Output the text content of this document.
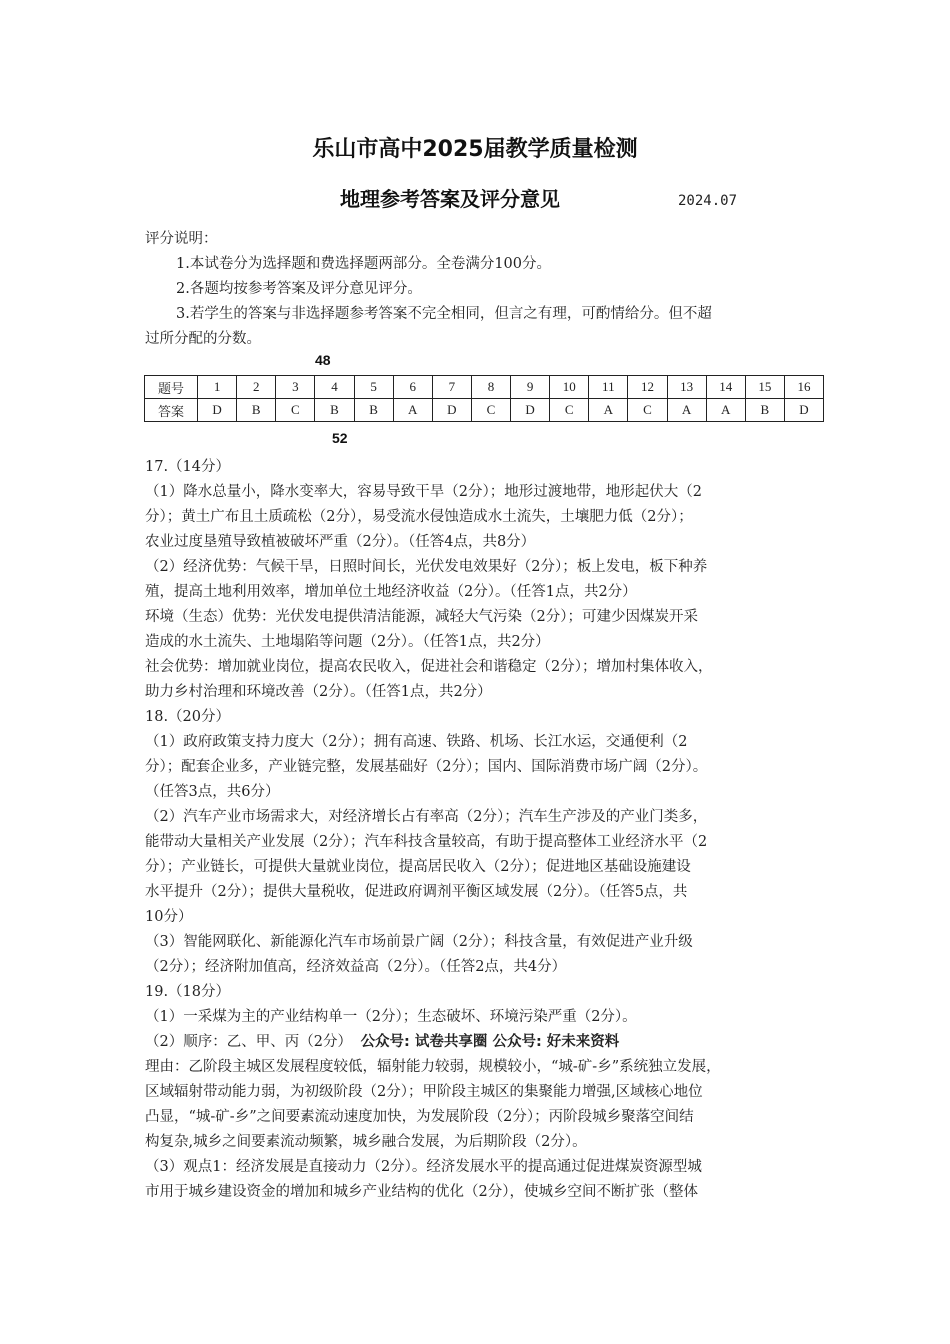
乐山市高中2025届教学质量检测
地理参考答案及评分意见	2024.07
评分说明：
1.本试卷分为选择题和费选择题两部分。全卷满分100分。
2.各题均按参考答案及评分意见评分。
3.若学生的答案与非选择题参考答案不完全相同，但言之有理，可酌情给分。但不超
过所分配的分数。
48
题号	1	2	3	4	5	6	7	8	9	10	11	12	13	14	15	16
答案	D	B	C	B	B	A	D	C	D	C	A	C	A	A	B	D
52
17.（14分）
（1）降水总量小，降水变率大，容易导致干旱（2分）；地形过渡地带，地形起伏大（2
分）；黄土广布且土质疏松（2分），易受流水侵蚀造成水土流失，土壤肥力低（2分）；
农业过度垦殖导致植被破坏严重（2分）。（任答4点，共8分）
（2）经济优势：气候干旱，日照时间长，光伏发电效果好（2分）；板上发电，板下种养
殖，提高土地利用效率，增加单位土地经济收益（2分）。（任答1点，共2分）
环境（生态）优势：光伏发电提供清洁能源，减轻大气污染（2分）；可建少因煤炭开采
造成的水土流失、土地塌陷等问题（2分）。（任答1点，共2分）
社会优势：增加就业岗位，提高农民收入，促进社会和谐稳定（2分）；增加村集体收入，
助力乡村治理和环境改善（2分）。（任答1点，共2分）
18.（20分）
（1）政府政策支持力度大（2分）；拥有高速、铁路、机场、长江水运，交通便利（2
分）；配套企业多，产业链完整，发展基础好（2分）；国内、国际消费市场广阔（2分）。
（任答3点，共6分）
（2）汽车产业市场需求大，对经济增长占有率高（2分）；汽车生产涉及的产业门类多，
能带动大量相关产业发展（2分）；汽车科技含量较高，有助于提高整体工业经济水平（2
分）；产业链长，可提供大量就业岗位，提高居民收入（2分）；促进地区基础设施建设
水平提升（2分）；提供大量税收，促进政府调剂平衡区域发展（2分）。（任答5点，共
10分）
（3）智能网联化、新能源化汽车市场前景广阔（2分）；科技含量，有效促进产业升级
（2分）；经济附加值高，经济效益高（2分）。（任答2点，共4分）
19.（18分）
（1）一采煤为主的产业结构单一（2分）；生态破坏、环境污染严重（2分）。
（2）顺序：乙、甲、丙（2分） 公众号: 试卷共享圈 公众号: 好未来资料
理由：乙阶段主城区发展程度较低，辐射能力较弱，规模较小，“城-矿-乡”系统独立发展，
区域辐射带动能力弱，为初级阶段（2分）；甲阶段主城区的集聚能力增强,区域核心地位
凸显，“城-矿-乡”之间要素流动速度加快，为发展阶段（2分）；丙阶段城乡聚落空间结
构复杂,城乡之间要素流动频繁，城乡融合发展，为后期阶段（2分）。
（3）观点1：经济发展是直接动力（2分）。经济发展水平的提高通过促进煤炭资源型城
市用于城乡建设资金的增加和城乡产业结构的优化（2分），使城乡空间不断扩张（整体
